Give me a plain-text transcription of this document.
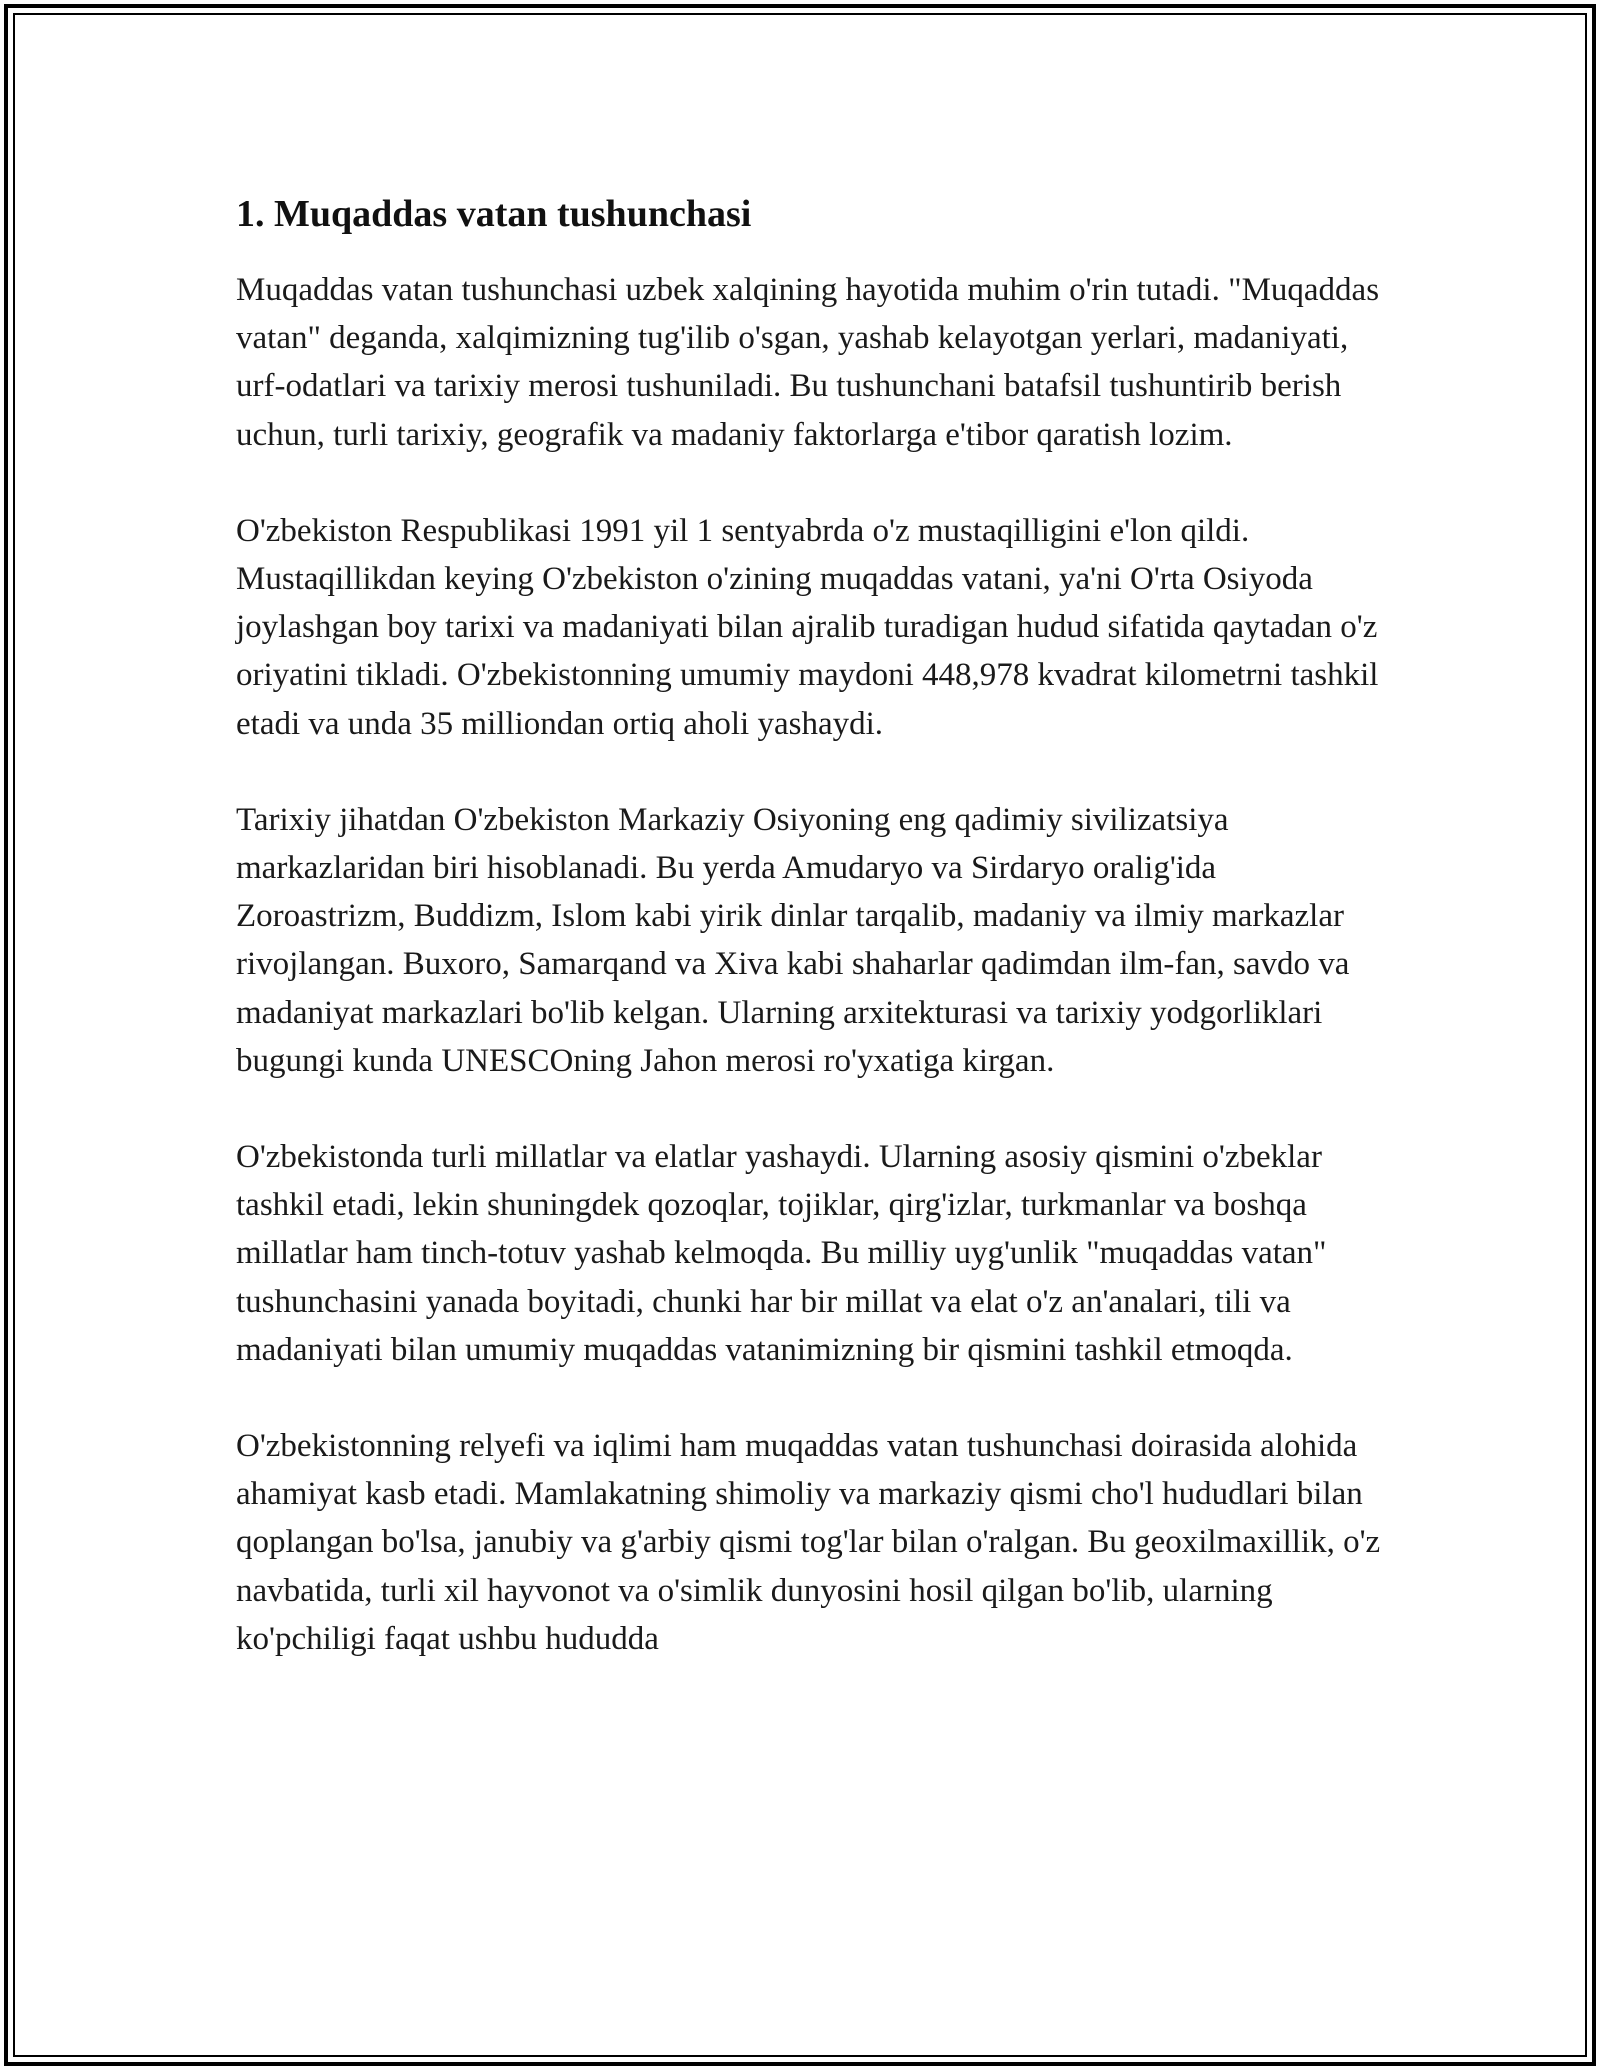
1. Muqaddas vatan tushunchasi

Muqaddas vatan tushunchasi uzbek xalqining hayotida muhim o'rin tutadi. "Muqaddas vatan" deganda, xalqimizning tug'ilib o'sgan, yashab kelayotgan yerlari, madaniyati, urf-odatlari va tarixiy merosi tushuniladi. Bu tushunchani batafsil tushuntirib berish uchun, turli tarixiy, geografik va madaniy faktorlarga e'tibor qaratish lozim.

O'zbekiston Respublikasi 1991 yil 1 sentyabrda o'z mustaqilligini e'lon qildi. Mustaqillikdan keying O'zbekiston o'zining muqaddas vatani, ya'ni O'rta Osiyoda joylashgan boy tarixi va madaniyati bilan ajralib turadigan hudud sifatida qaytadan o'z oriyatini tikladi. O'zbekistonning umumiy maydoni 448,978 kvadrat kilometrni tashkil etadi va unda 35 milliondan ortiq aholi yashaydi.

Tarixiy jihatdan O'zbekiston Markaziy Osiyoning eng qadimiy sivilizatsiya markazlaridan biri hisoblanadi. Bu yerda Amudaryo va Sirdaryo oralig'ida Zoroastrizm, Buddizm, Islom kabi yirik dinlar tarqalib, madaniy va ilmiy markazlar rivojlangan. Buxoro, Samarqand va Xiva kabi shaharlar qadimdan ilm-fan, savdo va madaniyat markazlari bo'lib kelgan. Ularning arxitekturasi va tarixiy yodgorliklari bugungi kunda UNESCOning Jahon merosi ro'yxatiga kirgan.

O'zbekistonda turli millatlar va elatlar yashaydi. Ularning asosiy qismini o'zbeklar tashkil etadi, lekin shuningdek qozoqlar, tojiklar, qirg'izlar, turkmanlar va boshqa millatlar ham tinch-totuv yashab kelmoqda. Bu milliy uyg'unlik "muqaddas vatan" tushunchasini yanada boyitadi, chunki har bir millat va elat o'z an'analari, tili va madaniyati bilan umumiy muqaddas vatanimizning bir qismini tashkil etmoqda.

O'zbekistonning relyefi va iqlimi ham muqaddas vatan tushunchasi doirasida alohida ahamiyat kasb etadi. Mamlakatning shimoliy va markaziy qismi cho'l hududlari bilan qoplangan bo'lsa, janubiy va g'arbiy qismi tog'lar bilan o'ralgan. Bu geoxilmaxillik, o'z navbatida, turli xil hayvonot va o'simlik dunyosini hosil qilgan bo'lib, ularning ko'pchiligi faqat ushbu hududda
